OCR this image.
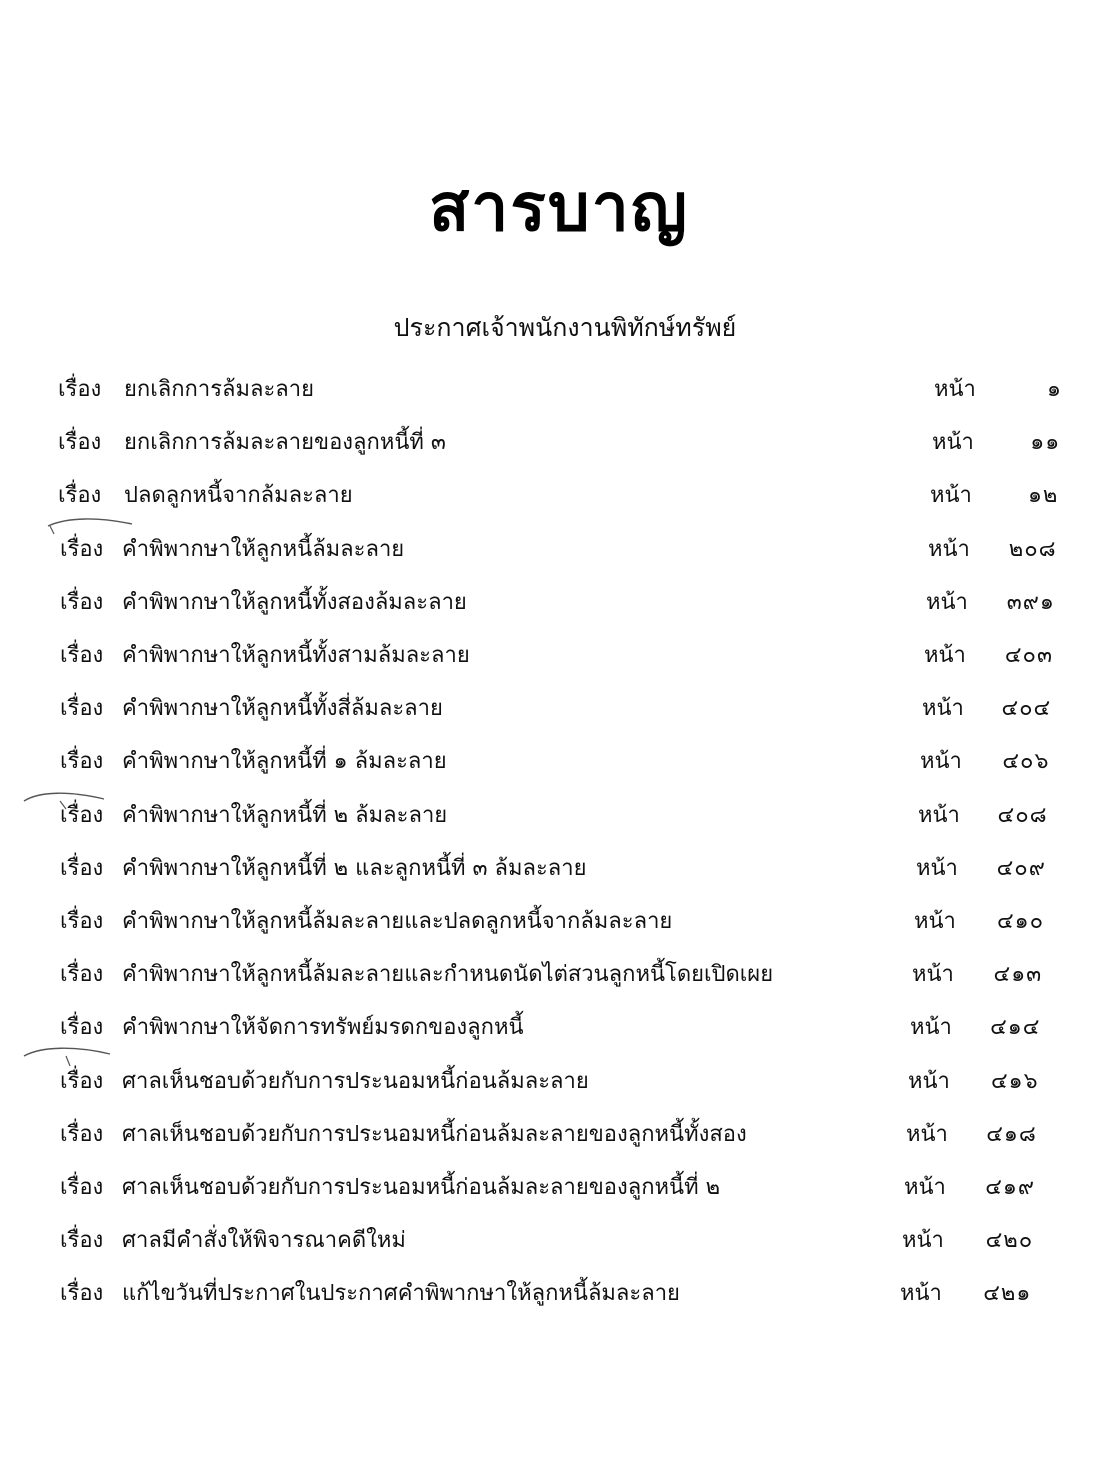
สารบาญ
ประกาศเจ้าพนักงานพิทักษ์ทรัพย์
เรื่อง ยกเลิกการล้มละลาย	หน้า	๑
เรื่อง ยกเลิกการล้มละลายของลูกหนี้ที่ ๓	หน้า	๑๑
เรื่อง ปลดลูกหนี้จากล้มละลาย	หน้า	๑๒
เรื่อง คำพิพากษาให้ลูกหนี้ล้มละลาย	หน้า ๒๐๘
เรื่อง คำพิพากษาให้ลูกหนี้ทั้งสองล้มละลาย	หน้า ๓๙๑
เรื่อง คำพิพากษาให้ลูกหนี้ทั้งสามล้มละลาย	หน้า ๔๐๓
เรื่อง คำพิพากษาให้ลูกหนี้ทั้งสี่ล้มละลาย	หน้า ๔๐๔
เรื่อง คำพิพากษาให้ลูกหนี้ที่ ๑ ล้มละลาย	หน้า ๔๐๖
เรื่อง คำพิพากษาให้ลูกหนี้ที่ ๒ ล้มละลาย	หน้า ๔๐๘
เรื่อง คำพิพากษาให้ลูกหนี้ที่ ๒ และลูกหนี้ที่ ๓ ล้มละลาย	หน้า ๔๐๙
เรื่อง คำพิพากษาให้ลูกหนี้ล้มละลายและปลดลูกหนี้จากล้มละลาย	หน้า ๔๑๐
เรื่อง คำพิพากษาให้ลูกหนี้ล้มละลายและกำหนดนัดไต่สวนลูกหนี้โดยเปิดเผย	หน้า ๔๑๓
เรื่อง คำพิพากษาให้จัดการทรัพย์มรดกของลูกหนี้	หน้า ๔๑๔
เรื่อง ศาลเห็นชอบด้วยกับการประนอมหนี้ก่อนล้มละลาย	หน้า ๔๑๖
เรื่อง ศาลเห็นชอบด้วยกับการประนอมหนี้ก่อนล้มละลายของลูกหนี้ทั้งสอง	หน้า ๔๑๘
เรื่อง ศาลเห็นชอบด้วยกับการประนอมหนี้ก่อนล้มละลายของลูกหนี้ที่ ๒	หน้า ๔๑๙
เรื่อง ศาลมีคำสั่งให้พิจารณาคดีใหม่	หน้า ๔๒๐
เรื่อง แก้ไขวันที่ประกาศในประกาศคำพิพากษาให้ลูกหนี้ล้มละลาย	หน้า ๔๒๑
